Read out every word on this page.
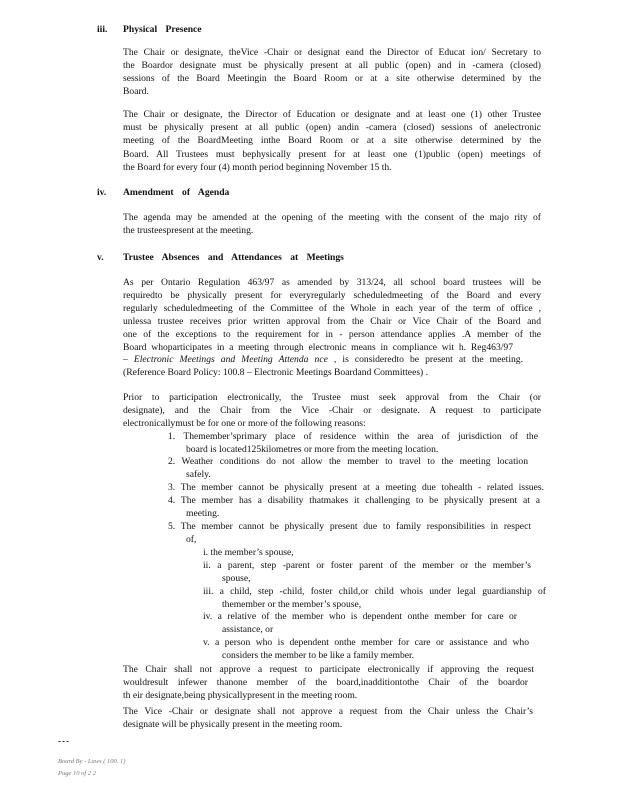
iii. Physical Presence
iv. Amendment of Agenda
v. Trustee Absences and Attendances at Meetings
The Chair or designate, theVice -Chair or designat eand the Director of Educat ion/ Secretary to
the Boardor designate must be physically present at all public (open) and in -camera (closed)
sessions of the Board Meetingin the Board Room or at a site otherwise determined by the
Board.
The Chair or designate, the Director of Education or designate and at least one (1) other Trustee
must be physically present at all public (open) andin -camera (closed) sessions of anelectronic
meeting of the BoardMeeting inthe Board Room or at a site otherwise determined by the
Board. All Trustees must bephysically present for at least one (1)public (open) meetings of
the Board for every four (4) month period beginning November 15 th.
The agenda may be amended at the opening of the meeting with the consent of the majo rity of
the trusteespresent at the meeting.
As per Ontario Regulation 463/97 as amended by 313/24, all school board trustees will be
requiredto be physically present for everyregularly scheduledmeeting of the Board and every
regularly scheduledmeeting of the Committee of the Whole in each year of the term of office ,
unlessa trustee receives prior written approval from the Chair or Vice Chair of the Board and
one of the exceptions to the requirement for in - person attendance applies .A member of the
Board whoparticipates in a meeting through electronic means in compliance wit h. Reg463/97
– Electronic Meetings and Meeting Attenda nce , is consideredto be present at the meeting.
(Reference Board Policy: 100.8 – Electronic Meetings Boardand Committees) .
Prior to participation electronically, the Trustee must seek approval from the Chair (or
designate), and the Chair from the Vice -Chair or designate. A request to participate
electronicallymust be for one or more of the following reasons:
1. Themember’sprimary place of residence within the area of jurisdiction of the
board is located125kilometres or more from the meeting location.
2. Weather conditions do not allow the member to travel to the meeting location
safely.
3. The member cannot be physically present at a meeting due tohealth - related issues.
4. The member has a disability thatmakes it challenging to be physically present at a
meeting.
5. The member cannot be physically present due to family responsibilities in respect
of,
i. the member’s spouse,
ii. a parent, step -parent or foster parent of the member or the member’s
spouse,
iii. a child, step -child, foster child,or child whois under legal guardianship of
themember or the member’s spouse,
iv. a relative of the member who is dependent onthe member for care or
assistance, or
v. a person who is dependent onthe member for care or assistance and who
considers the member to be like a family member.
The Chair shall not approve a request to participate electronically if approving the request
wouldresult infewer thanone member of the board,inadditiontothe Chair of the boardor
th eir designate,being physicallypresent in the meeting room.
The Vice -Chair or designate shall not approve a request from the Chair unless the Chair’s
designate will be physically present in the meeting room.
---
Board By - Laws ( 100. 1)
Page 10 of 2 2
